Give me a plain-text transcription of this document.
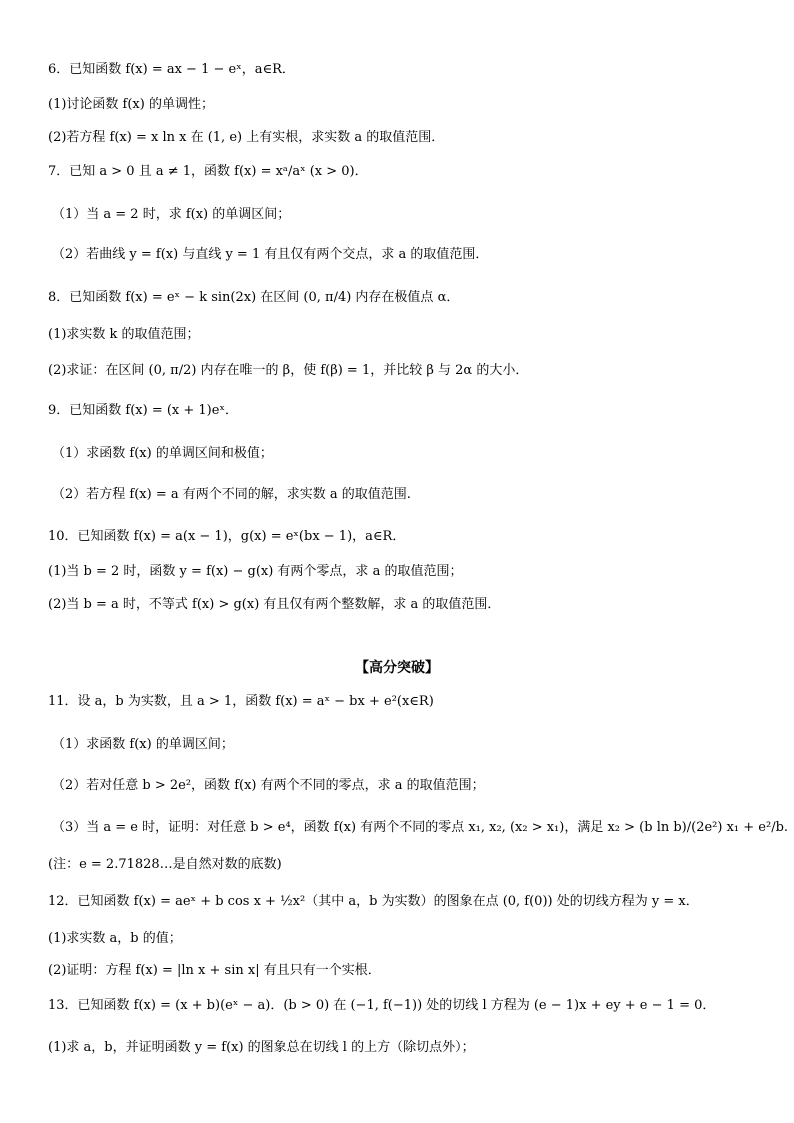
6．已知函数 f(x) = ax − 1 − eˣ，a∈R．
(1)讨论函数 f(x) 的单调性；
(2)若方程 f(x) = x ln x 在 (1, e) 上有实根，求实数 a 的取值范围．
7．已知 a > 0 且 a ≠ 1，函数 f(x) = xᵃ/aˣ (x > 0)．
（1）当 a = 2 时，求 f(x) 的单调区间；
（2）若曲线 y = f(x) 与直线 y = 1 有且仅有两个交点，求 a 的取值范围．
8．已知函数 f(x) = eˣ − k sin(2x) 在区间 (0, π/4) 内存在极值点 α．
(1)求实数 k 的取值范围；
(2)求证：在区间 (0, π/2) 内存在唯一的 β，使 f(β) = 1，并比较 β 与 2α 的大小．
9．已知函数 f(x) = (x + 1)eˣ．
（1）求函数 f(x) 的单调区间和极值；
（2）若方程 f(x) = a 有两个不同的解，求实数 a 的取值范围.
10．已知函数 f(x) = a(x − 1)，g(x) = eˣ(bx − 1)，a∈R．
(1)当 b = 2 时，函数 y = f(x) − g(x) 有两个零点，求 a 的取值范围；
(2)当 b = a 时，不等式 f(x) > g(x) 有且仅有两个整数解，求 a 的取值范围．
【高分突破】
11．设 a，b 为实数，且 a > 1，函数 f(x) = aˣ − bx + e²(x∈R)
（1）求函数 f(x) 的单调区间；
（2）若对任意 b > 2e²，函数 f(x) 有两个不同的零点，求 a 的取值范围；
（3）当 a = e 时，证明：对任意 b > e⁴，函数 f(x) 有两个不同的零点 x₁, x₂, (x₂ > x₁)，满足 x₂ > (b ln b)/(2e²) x₁ + e²/b.
(注：e = 2.71828…是自然对数的底数)
12．已知函数 f(x) = aeˣ + b cos x + ½x²（其中 a，b 为实数）的图象在点 (0, f(0)) 处的切线方程为 y = x．
(1)求实数 a，b 的值；
(2)证明：方程 f(x) = |ln x + sin x| 有且只有一个实根．
13．已知函数 f(x) = (x + b)(eˣ − a)．(b > 0) 在 (−1, f(−1)) 处的切线 l 方程为 (e − 1)x + ey + e − 1 = 0．
(1)求 a，b，并证明函数 y = f(x) 的图象总在切线 l 的上方（除切点外）；
